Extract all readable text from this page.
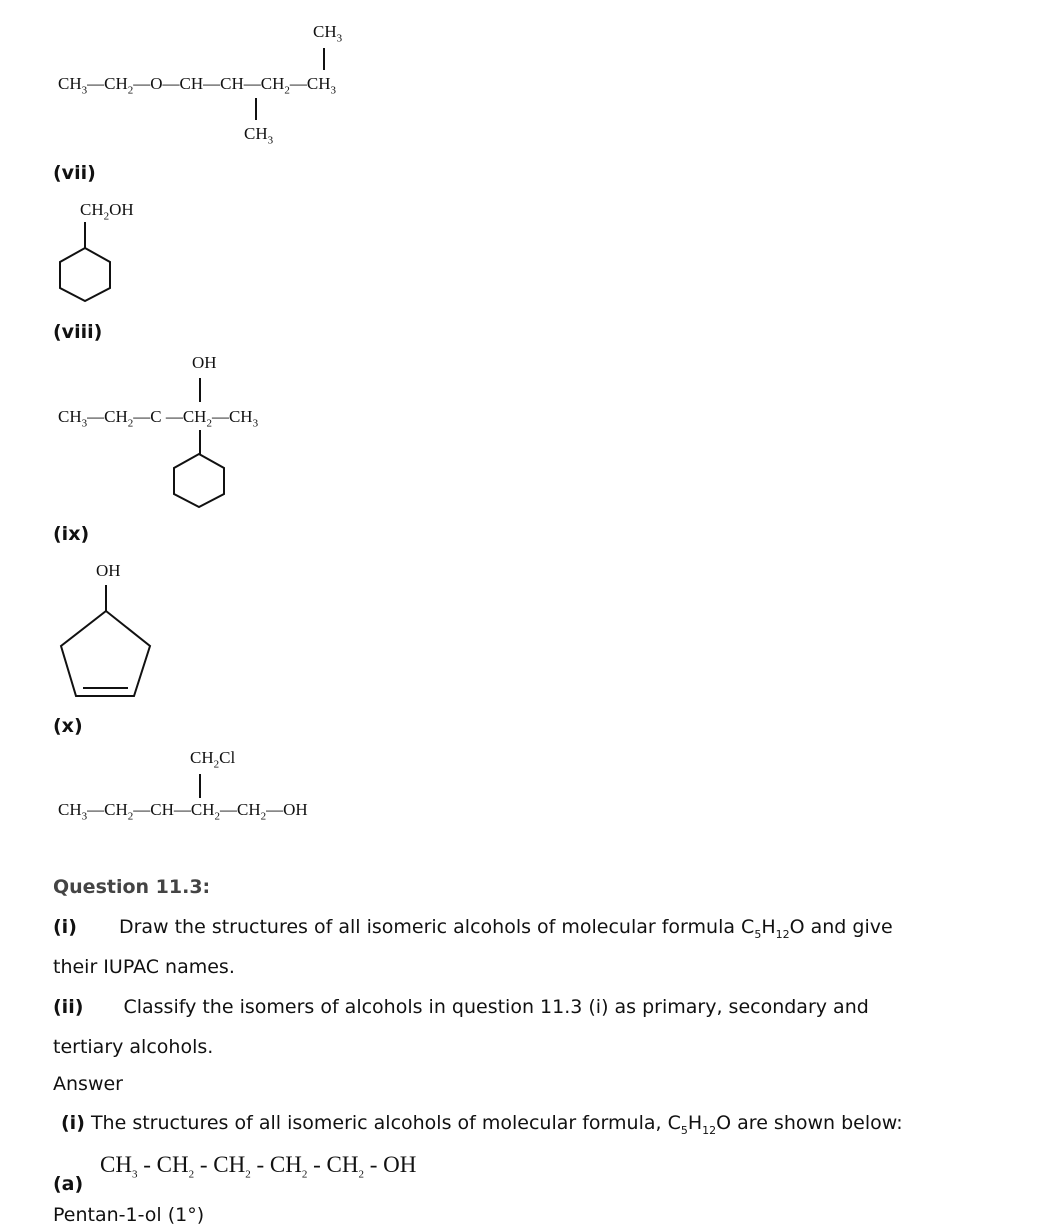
$CH_3$
$CH_3—CH_2—O—CH—CH—CH_2—CH_3$
$CH_3$
(vii)
$CH_2OH$
(viii)
OH
$CH_3—CH_2—C$ $—CH_2—CH_3$
(ix)
OH
(x)
$CH_2Cl$
$CH_3—CH_2—CH—CH_2—CH_2—OH$
Question 11.3:
(i) Draw the structures of all isomeric alcohols of molecular formula $C_5H_{12}O$ and give
their IUPAC names.
(ii) Classify the isomers of alcohols in question 11.3 (i) as primary, secondary and
tertiary alcohols.
Answer
(i) The structures of all isomeric alcohols of molecular formula, $C_5H_{12}O$ are shown below:
(a)
$CH_3 - CH_2 - CH_2 - CH_2 - CH_2$ - OH
Pentan-1-ol (1°)
